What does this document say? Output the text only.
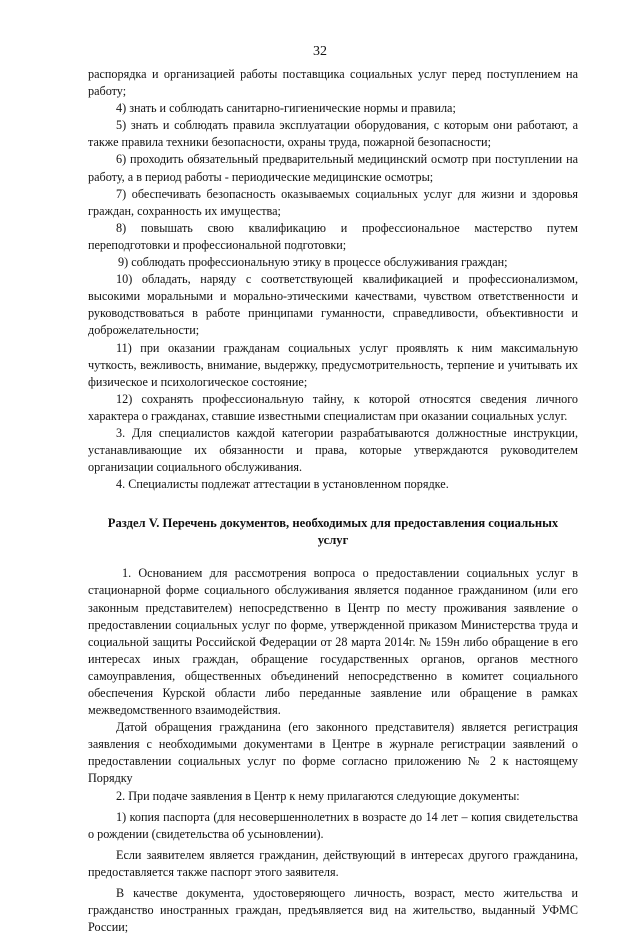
32

распорядка и организацией работы поставщика социальных услуг перед поступлением на работу;

4) знать и соблюдать санитарно-гигиенические нормы и правила;

5) знать и соблюдать правила эксплуатации оборудования, с которым они работают, а также правила техники безопасности, охраны труда, пожарной безопасности;

6) проходить обязательный предварительный медицинский осмотр при поступлении на работу, а в период работы - периодические медицинские осмотры;

7) обеспечивать безопасность оказываемых социальных услуг для жизни и здоровья граждан, сохранность их имущества;

8) повышать свою квалификацию и профессиональное мастерство путем переподготовки и профессиональной подготовки;

9) соблюдать профессиональную этику в процессе обслуживания граждан;

10) обладать, наряду с соответствующей квалификацией и профессионализмом, высокими моральными и морально-этическими качествами, чувством ответственности и руководствоваться в работе принципами гуманности, справедливости, объективности и доброжелательности;

11) при оказании гражданам социальных услуг проявлять к ним максимальную чуткость, вежливость, внимание, выдержку, предусмотрительность, терпение и учитывать их физическое и психологическое состояние;

12) сохранять профессиональную тайну, к которой относятся сведения личного характера о гражданах, ставшие известными специалистам при оказании социальных услуг.

3. Для специалистов каждой категории разрабатываются должностные инструкции, устанавливающие их обязанности и права, которые утверждаются руководителем организации социального обслуживания.

4. Специалисты подлежат аттестации в установленном порядке.

Раздел V. Перечень документов, необходимых для предоставления социальных услуг

1. Основанием для рассмотрения вопроса о предоставлении социальных услуг в стационарной форме социального обслуживания является поданное гражданином (или его законным представителем) непосредственно в Центр по месту проживания заявление о предоставлении социальных услуг по форме, утвержденной приказом Министерства труда и социальной защиты Российской Федерации от 28 марта 2014г. № 159н либо обращение в его интересах иных граждан, обращение государственных органов, органов местного самоуправления, общественных объединений непосредственно в комитет социального обеспечения Курской области либо переданные заявление или обращение в рамках межведомственного взаимодействия.

Датой обращения гражданина (его законного представителя) является регистрация заявления с необходимыми документами в Центре в журнале регистрации заявлений о предоставлении социальных услуг по форме согласно приложению № 2 к настоящему Порядку

2. При подаче заявления в Центр к нему прилагаются следующие документы:

1) копия паспорта (для несовершеннолетних в возрасте до 14 лет – копия свидетельства о рождении (свидетельства об усыновлении).

Если заявителем является гражданин, действующий в интересах другого гражданина, предоставляется также паспорт этого заявителя.

В качестве документа, удостоверяющего личность, возраст, место жительства и гражданство иностранных граждан, предъявляется вид на жительство, выданный УФМС России;
